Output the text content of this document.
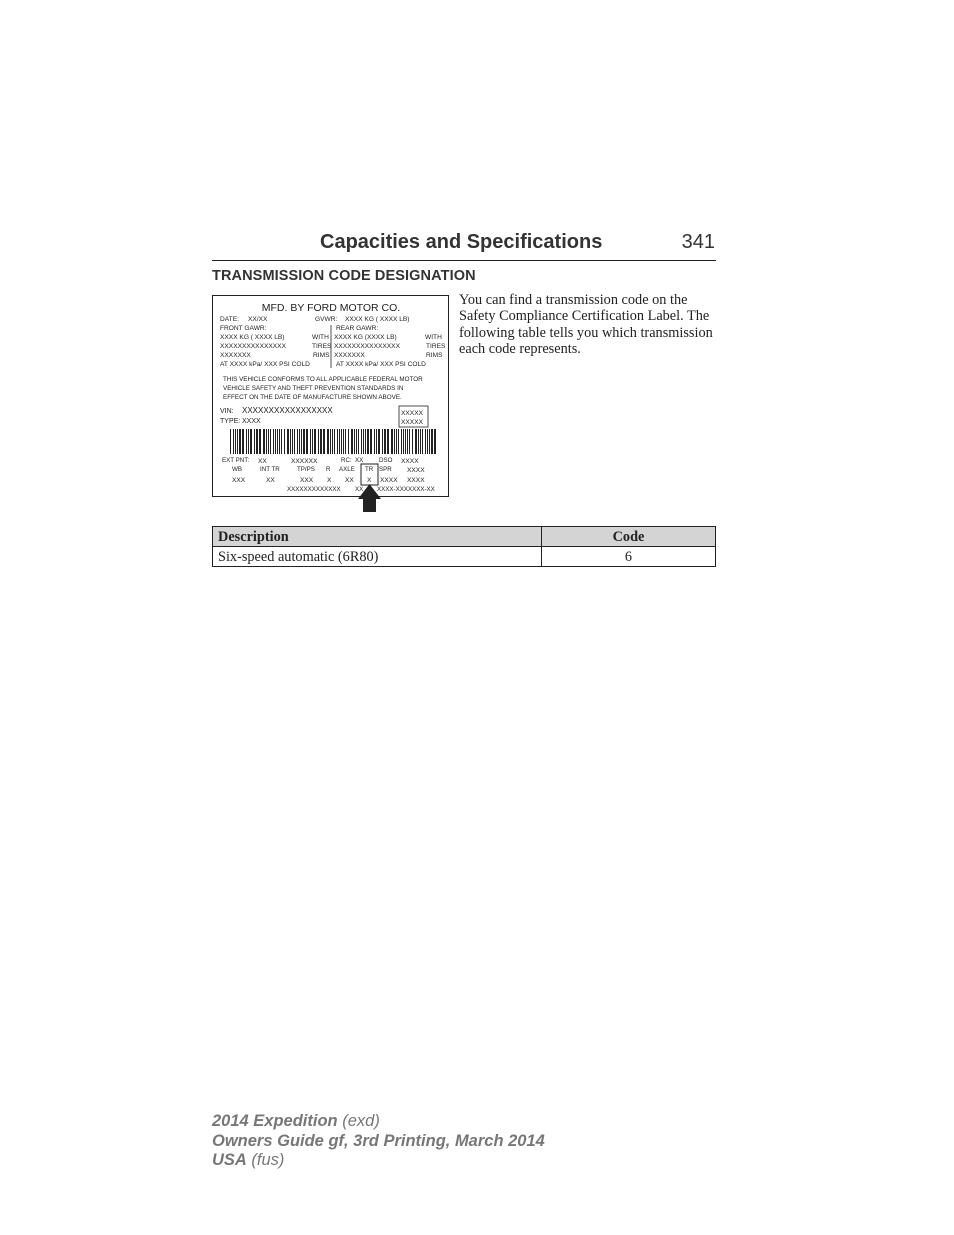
Capacities and Specifications	341
TRANSMISSION CODE DESIGNATION
MFD. BY FORD MOTOR CO.
DATE: XX/XX	GVWR: XXXX KG ( XXXX LB)
FRONT GAWR:	REAR GAWR:
XXXX KG ( XXXX LB)	WITH XXXX KG (XXXX LB)	WITH
XXXXXXXXXXXXXXX	TIRES XXXXXXXXXXXXXXX	TIRES
XXXXXXX	RIMS XXXXXXX	RIMS
AT XXXX kPa/ XXX PSI COLD	AT XXXX kPa/ XXX PSI COLD
THIS VEHICLE CONFORMS TO ALL APPLICABLE FEDERAL MOTOR
VEHICLE SAFETY AND THEFT PREVENTION STANDARDS IN
EFFECT ON THE DATE OF MANUFACTURE SHOWN ABOVE.
VIN: XXXXXXXXXXXXXXXXX
TYPE: XXXX
XXXXX
XXXXX
EXT PNT: XX	XXXXXX	RC: XX	DSO XXXX
WB	INT TR	TP/PS R AXLE TR SPR XXXX
XXX	XX	XXX X XX X XXXX XXXX
XXXXXXXXXXXXX XX XXXX-XXXXXXX-XX
You can find a transmission code on the Safety Compliance Certification Label. The following table tells you which transmission each code represents.
Description	Code
Six-speed automatic (6R80)	6
2014 Expedition (exd)
Owners Guide gf, 3rd Printing, March 2014
USA (fus)
